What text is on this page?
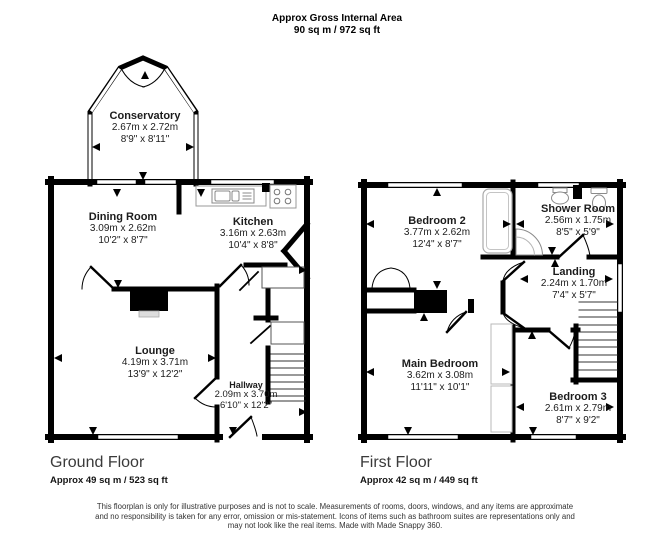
Approx Gross Internal Area
90 sq m / 972 sq ft
Conservatory
2.67m x 2.72m
8'9" x 8'11"
Dining Room
3.09m x 2.62m
10'2" x 8'7"
Kitchen
3.16m x 2.63m
10'4" x 8'8"
Lounge
4.19m x 3.71m
13'9" x 12'2"
Hallway
2.09m x 3.70m
6'10" x 12'2"
Bedroom 2
3.77m x 2.62m
12'4" x 8'7"
Shower Room
2.56m x 1.75m
8'5" x 5'9"
Landing
2.24m x 1.70m
7'4" x 5'7"
Main Bedroom
3.62m x 3.08m
11'11" x 10'1"
Bedroom 3
2.61m x 2.79m
8'7" x 9'2"
Ground Floor
Approx 49 sq m / 523 sq ft
First Floor
Approx 42 sq m / 449 sq ft
This floorplan is only for illustrative purposes and is not to scale. Measurements of rooms, doors, windows, and any items are approximate
and no responsibility is taken for any error, omission or mis-statement. Icons of items such as bathroom suites are representations only and
may not look like the real items. Made with Made Snappy 360.
